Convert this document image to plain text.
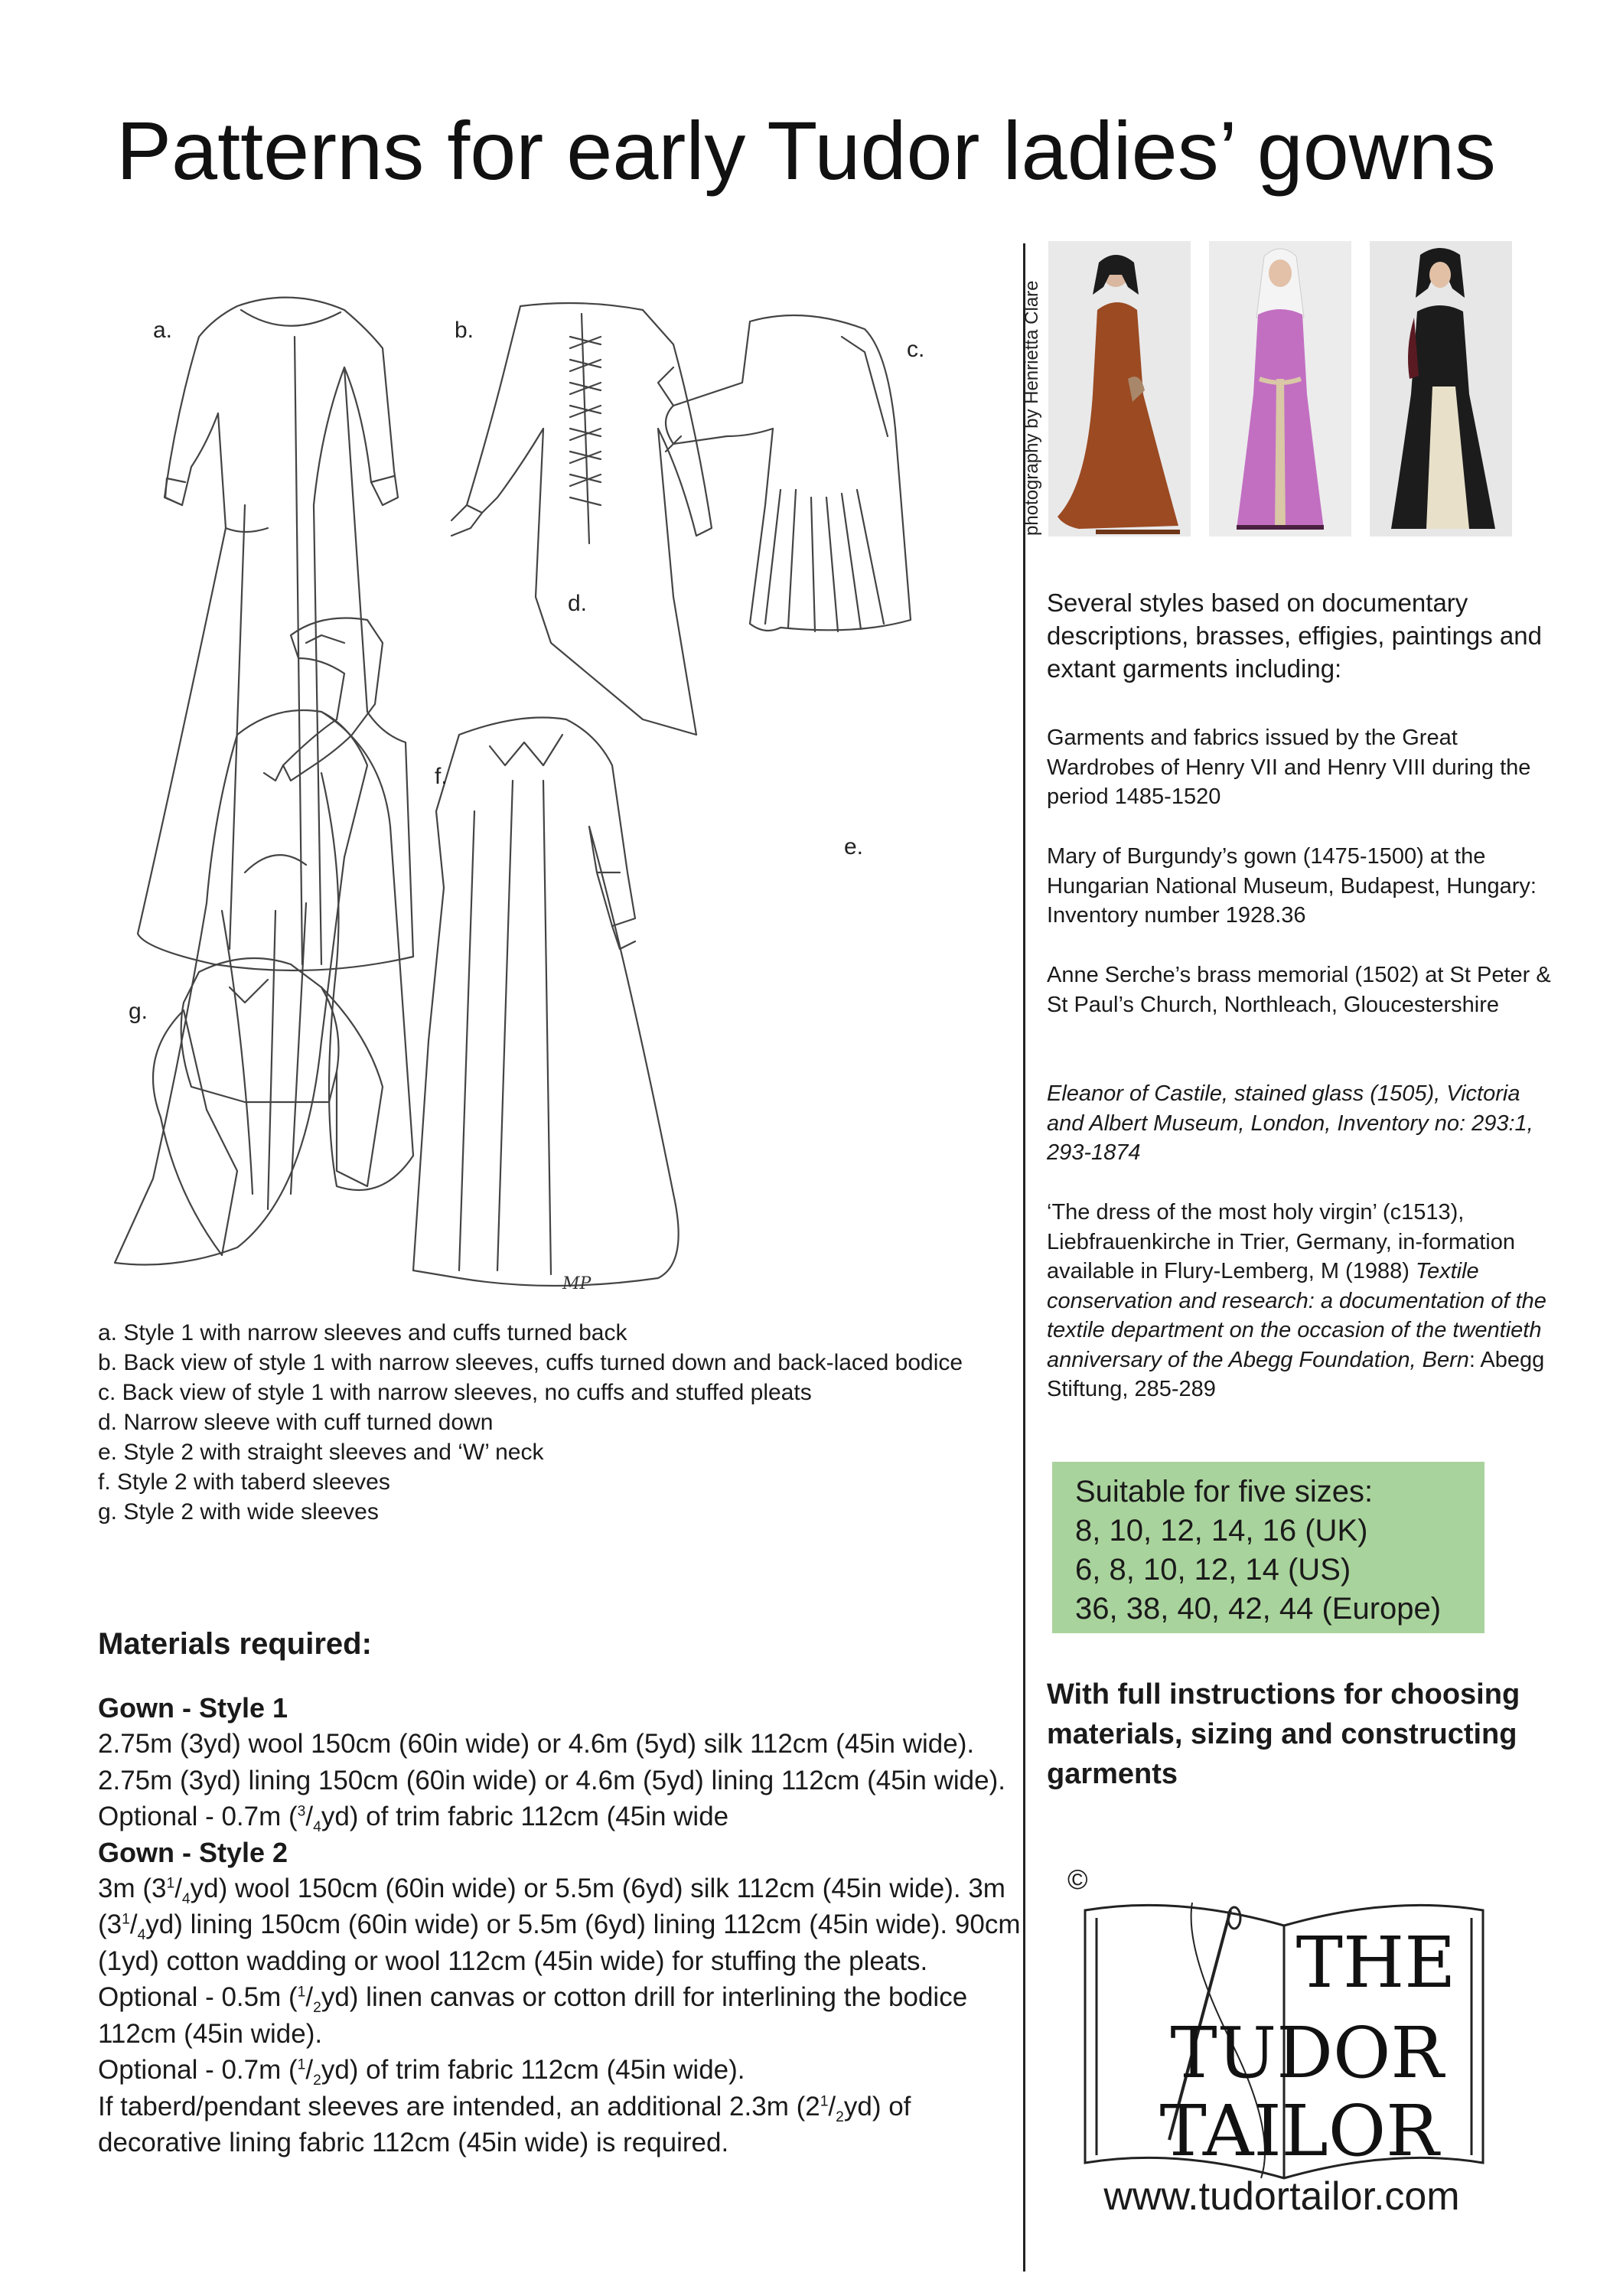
Patterns for early Tudor ladies’ gowns
a.	b.
c.
d.
e.
f.
g.
MP
a. Style 1 with narrow sleeves and cuffs turned back
b. Back view of style 1 with narrow sleeves, cuffs turned down and back-laced bodice
c. Back view of style 1 with narrow sleeves, no cuffs and stuffed pleats
d. Narrow sleeve with cuff turned down
e. Style 2 with straight sleeves and ‘W’ neck
f. Style 2 with taberd sleeves
g. Style 2 with wide sleeves
Materials required:
Gown - Style 1

2.75m (3yd) wool 150cm (60in wide) or 4.6m (5yd) silk 112cm (45in wide). 2.75m (3yd) lining 150cm (60in wide) or 4.6m (5yd) lining 112cm (45in wide). Optional - 0.7m $(^3/_4yd)$ of trim fabric 112cm (45in wide

Gown - Style 2

3m $(3^1/_4yd)$ wool 150cm (60in wide) or 5.5m (6yd) silk 112cm (45in wide). 3m $(3^1/_4yd)$ lining 150cm (60in wide) or 5.5m (6yd) lining 112cm (45in wide). 90cm (1yd) cotton wadding or wool 112cm (45in wide) for stuffing the pleats. Optional - 0.5m $(^1/_2yd)$ linen canvas or cotton drill for interlining the bodice 112cm (45in wide).
Optional - 0.7m $(^1/_2yd)$ of trim fabric 112cm (45in wide).
If taberd/pendant sleeves are intended, an additional 2.3m $(2^1/_2yd)$ of decorative lining fabric 112cm (45in wide) is required.

photography by Henrietta Clare
Several styles based on documentary descriptions, brasses, effigies, paintings and extant garments including:
Garments and fabrics issued by the Great Wardrobes of Henry VII and Henry VIII during the period 1485-1520
Mary of Burgundy’s gown (1475-1500) at the Hungarian National Museum, Budapest, Hungary: Inventory number 1928.36
Anne Serche’s brass memorial (1502) at St Peter & St Paul’s Church, Northleach, Gloucestershire
Eleanor of Castile, stained glass (1505), Victoria and Albert Museum, London, Inventory no: 293:1, 293-1874
‘The dress of the most holy virgin’ (c1513), Liebfrauenkirche in Trier, Germany, in-formation available in Flury-Lemberg, M (1988) Textile conservation and research: a documentation of the textile department on the occasion of the twentieth anniversary of the Abegg Foundation, Bern: Abegg Stiftung, 285-289
Suitable for five sizes:
8, 10, 12, 14, 16 (UK)
6, 8, 10, 12, 14 (US)
36, 38, 40, 42, 44 (Europe)
With full instructions for choosing materials, sizing and constructing garments
©
THE
TUDOR
TAILOR
www.tudortailor.com
